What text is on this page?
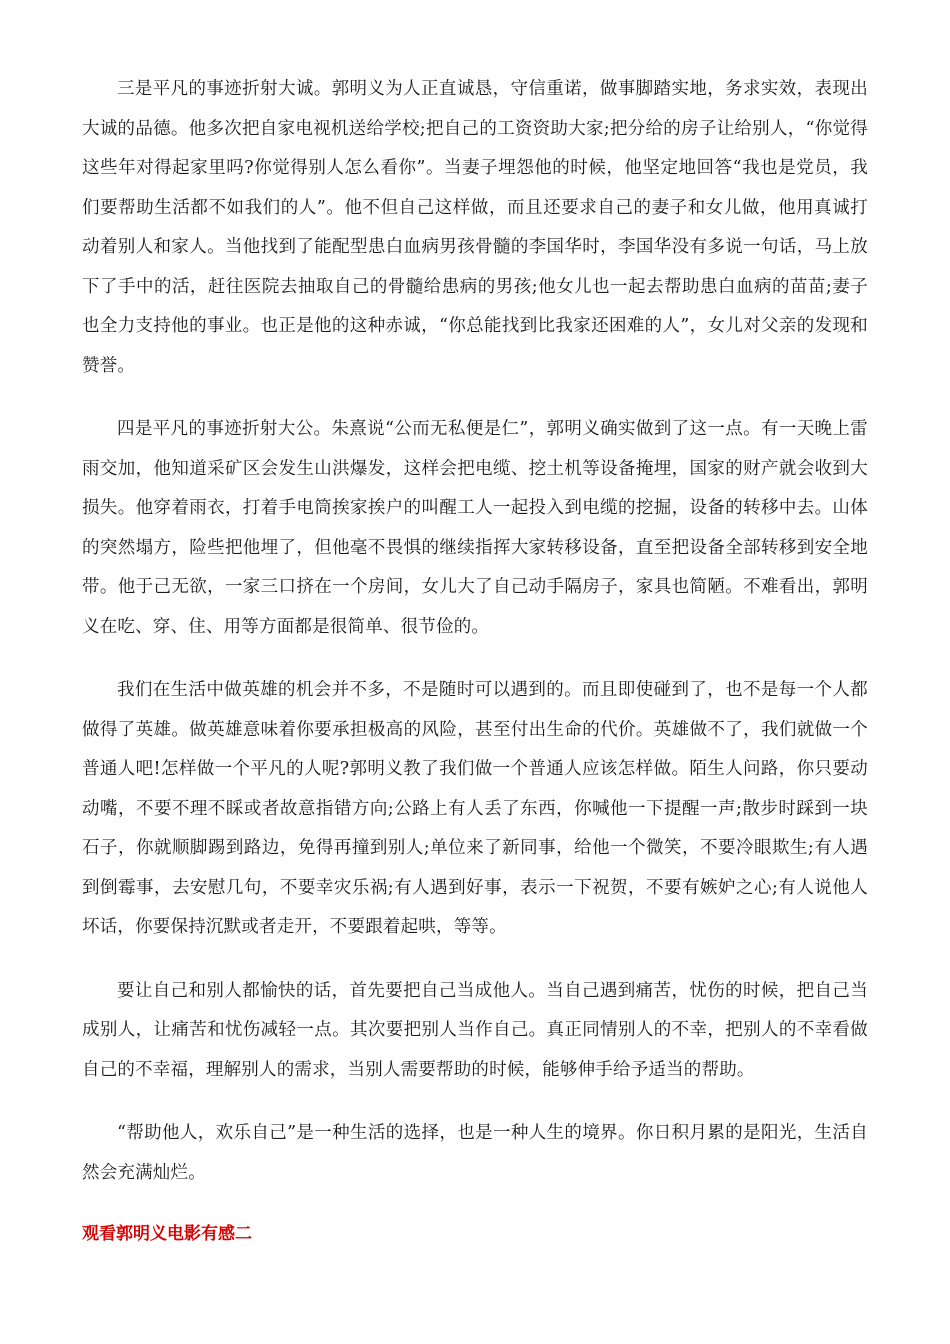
三是平凡的事迹折射大诚。郭明义为人正直诚恳，守信重诺，做事脚踏实地，务求实效，表现出大诚的品德。他多次把自家电视机送给学校;把自己的工资资助大家;把分给的房子让给别人，“你觉得这些年对得起家里吗?你觉得别人怎么看你”。当妻子埋怨他的时候，他坚定地回答“我也是党员，我们要帮助生活都不如我们的人”。他不但自己这样做，而且还要求自己的妻子和女儿做，他用真诚打动着别人和家人。当他找到了能配型患白血病男孩骨髓的李国华时，李国华没有多说一句话，马上放下了手中的活，赶往医院去抽取自己的骨髓给患病的男孩;他女儿也一起去帮助患白血病的苗苗;妻子也全力支持他的事业。也正是他的这种赤诚，“你总能找到比我家还困难的人”，女儿对父亲的发现和赞誉。

四是平凡的事迹折射大公。朱熹说“公而无私便是仁”，郭明义确实做到了这一点。有一天晚上雷雨交加，他知道采矿区会发生山洪爆发，这样会把电缆、挖土机等设备掩埋，国家的财产就会收到大损失。他穿着雨衣，打着手电筒挨家挨户的叫醒工人一起投入到电缆的挖掘，设备的转移中去。山体的突然塌方，险些把他埋了，但他毫不畏惧的继续指挥大家转移设备，直至把设备全部转移到安全地带。他于己无欲，一家三口挤在一个房间，女儿大了自己动手隔房子，家具也简陋。不难看出，郭明义在吃、穿、住、用等方面都是很简单、很节俭的。

我们在生活中做英雄的机会并不多，不是随时可以遇到的。而且即使碰到了，也不是每一个人都做得了英雄。做英雄意味着你要承担极高的风险，甚至付出生命的代价。英雄做不了，我们就做一个普通人吧!怎样做一个平凡的人呢?郭明义教了我们做一个普通人应该怎样做。陌生人问路，你只要动动嘴，不要不理不睬或者故意指错方向;公路上有人丢了东西，你喊他一下提醒一声;散步时踩到一块石子，你就顺脚踢到路边，免得再撞到别人;单位来了新同事，给他一个微笑，不要冷眼欺生;有人遇到倒霉事，去安慰几句，不要幸灾乐祸;有人遇到好事，表示一下祝贺，不要有嫉妒之心;有人说他人坏话，你要保持沉默或者走开，不要跟着起哄，等等。

要让自己和别人都愉快的话，首先要把自己当成他人。当自己遇到痛苦，忧伤的时候，把自己当成别人，让痛苦和忧伤减轻一点。其次要把别人当作自己。真正同情别人的不幸，把别人的不幸看做自己的不幸福，理解别人的需求，当别人需要帮助的时候，能够伸手给予适当的帮助。

“帮助他人，欢乐自己”是一种生活的选择，也是一种人生的境界。你日积月累的是阳光，生活自然会充满灿烂。

观看郭明义电影有感二
